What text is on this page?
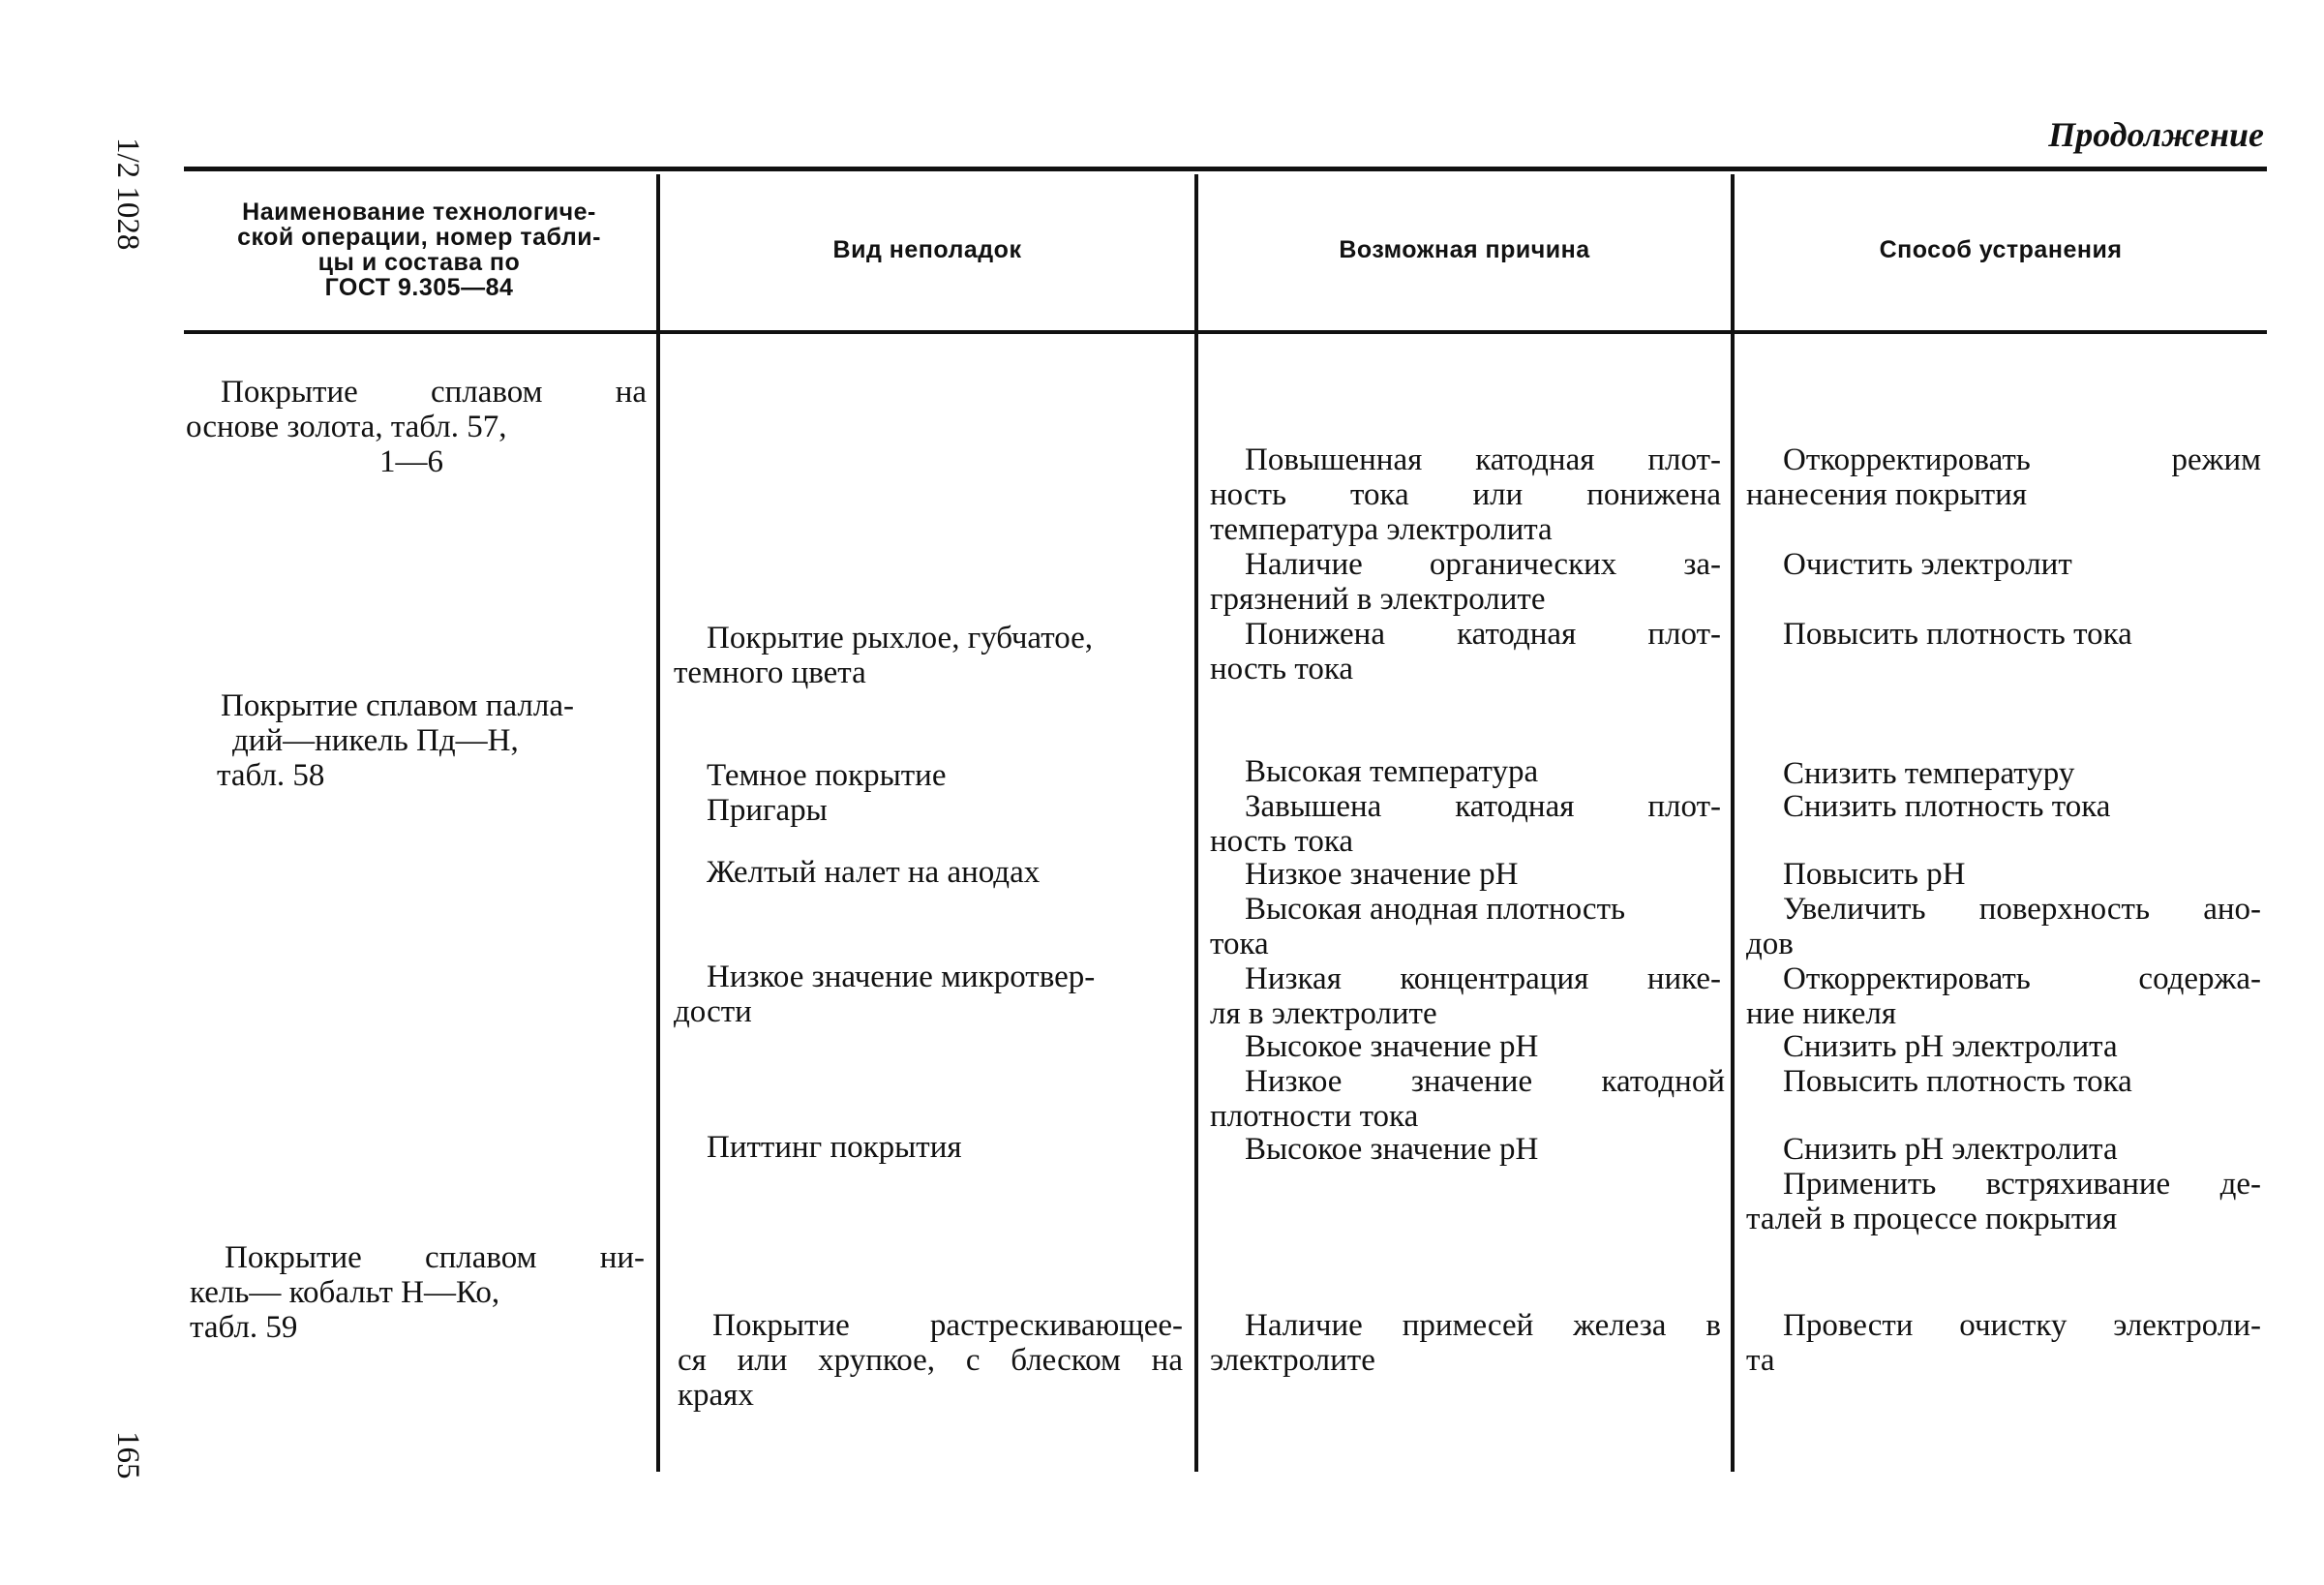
1/2 1028
165
Продолжение
Наименование технологиче-
ской операции, номер табли-
цы и состава по
ГОСТ 9.305—84
Вид неполадок	Возможная причина	Способ устранения
Покрытие сплавом на
основе золота, табл. 57,
1—6
Покрытие сплавом палла-
дий—никель Пд—Н,
табл. 58
Покрытие сплавом ни-
кель— кобальт Н—Ко,
табл. 59
Покрытие рыхлое, губчатое,
темного цвета
Темное покрытие
Пригары
Желтый налет на анодах
Низкое значение микротвер-
дости
Питтинг покрытия
Покрытие растрескивающее-
ся или хрупкое, с блеском на
краях
Повышенная катодная плот-
ность тока или понижена
температура электролита
Наличие органических за-
грязнений в электролите
Понижена катодная плот-
ность тока
Высокая температура
Завышена катодная плот-
ность тока
Низкое значение pH
Высокая анодная плотность
тока
Низкая концентрация нике-
ля в электролите
Высокое значение pH
Низкое значение катодной
плотности тока
Высокое значение pH
Наличие примесей железа в
электролите
Откорректировать режим
нанесения покрытия
Очистить электролит
Повысить плотность тока
Снизить температуру
Снизить плотность тока
Повысить pH
Увеличить поверхность ано-
дов
Откорректировать содержа-
ние никеля
Снизить pH электролита
Повысить плотность тока
Снизить pH электролита
Применить встряхивание де-
талей в процессе покрытия
Провести очистку электроли-
та
